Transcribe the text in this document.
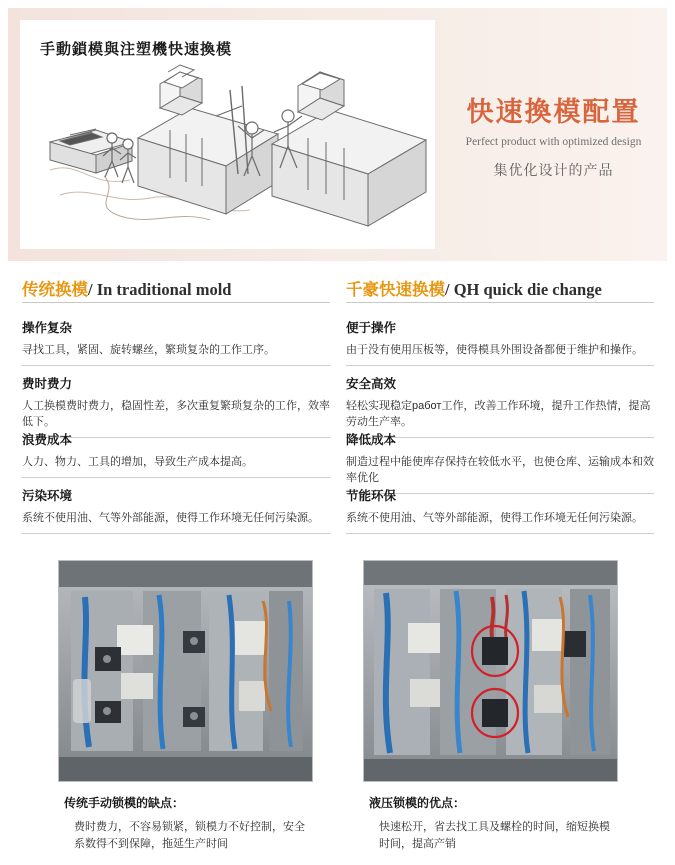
手動鎖模與注塑機快速換模
快速換模配置
Perfect product with optimized design
集优化设计的产品
传统换模/ In traditional mold
操作复杂
寻找工具，紧固、旋转螺丝，繁琐复杂的工作工序。
费时费力
人工换模费时费力，稳固性差，多次重复繁琐复杂的工作，效率低下。
浪费成本
人力、物力、工具的增加，导致生产成本提高。
污染环境
系统不使用油、气等外部能源，使得工作环境无任何污染源。
千豪快速换模/ QH quick die change
便于操作
由于没有使用压板等，使得模具外围设备都便于维护和操作。
安全高效
轻松实现稳定работ工作，改善工作环境，提升工作热情，提高劳动生产率。
降低成本
制造过程中能使库存保持在较低水平，也使仓库、运输成本和效率优化
节能环保
系统不使用油、气等外部能源，使得工作环境无任何污染源。
传统手动锁模的缺点：
费时费力，不容易锁紧，锁模力不好控制，安全系数得不到保障，拖延生产时间
液压锁模的优点：
快速松开，省去找工具及螺栓的时间，缩短换模时间，提高产销
